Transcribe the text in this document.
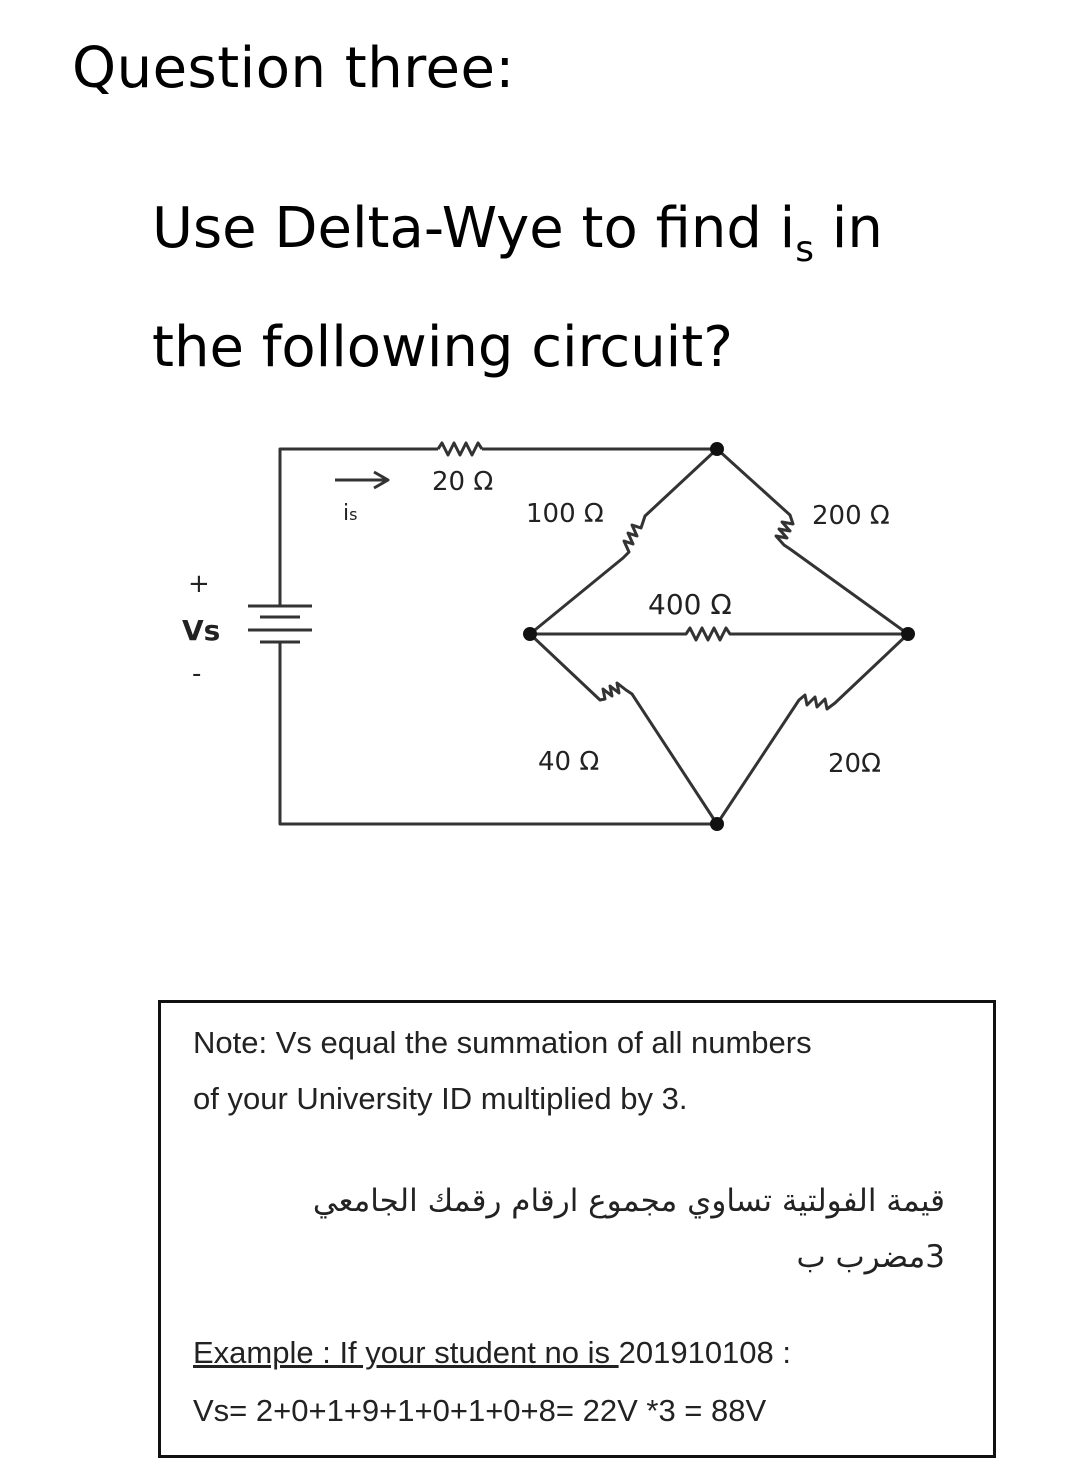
Question three:
Use Delta-Wye to find $i_s$ in
the following circuit?
+
Vs
-
is
20 Ω
100 Ω	200 Ω
400 Ω
40 Ω	20Ω
Note: Vs equal the summation of all numbers
of your University ID multiplied by 3.
قيمة الفولتية تساوي مجموع ارقام رقمك الجامعي
3مضرب ب
Example : If your student no is 201910108 :
Vs= 2+0+1+9+1+0+1+0+8= 22V *3 = 88V
